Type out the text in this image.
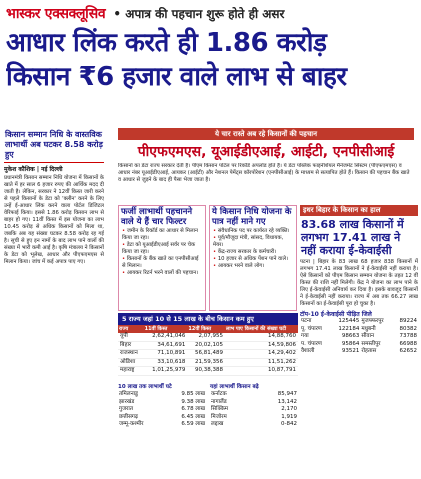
भास्कर एक्सक्लूसिव • अपात्र की पहचान शुरू होते ही असर
आधार लिंक करते ही 1.86 करोड़
किसान ₹6 हजार वाले लाभ से बाहर
किसान सम्मान निधि के वास्तविक लाभार्थी अब घटकर 8.58 करोड़ हुए
मुकेश कौशिक | नई दिल्ली
प्रधानमंत्री किसान सम्मान निधि योजना में किसानों के खाते में हर साल 6 हजार रुपए की आर्थिक मदद दी जाती है। लेकिन, सरकार ने 12वीं किस्त जारी करने से पहले किसानों के डेटा को 'क्लीन' करने के लिए उन्हें ई-आधार लिंक करने वाला पोर्टल डिजिटल वेरिफाई किया। इससे 1.86 करोड़ किसान लाभ से बाहर हो गए। 11वीं किस्त में इस योजना का लाभ 10.45 करोड़ से अधिक किसानों को मिला था, जबकि अब यह संख्या घटकर 8.58 करोड़ रह गई है। सूची से हुए इन नामों के बाद लाभ पाने वालों की संख्या में भारी कमी आई है। कृषि मंत्रालय ने किसानों के डेटा को भूलेख, आधार और पीएफएमएस से मिलान किया। जांच में कई अपात्र पाए गए।
ये चार रास्ते अब रहे किसानों की पहचान
पीएफएमएस, यूआईडीएआई, आईटी, एनपीसीआई
किसानों का डेटा राज्य सरकार देती है। पीएम किसान पोर्टल पर रिकॉर्ड अपलोड होते हैं। ये डेटा पब्लिक फाइनेंशियल मैनेजमेंट सिस्टम (पीएफएमएस) व आधार नंबर यूआईडीएआई, आयकर (आईटी) और नेशनल पेमेंट्स कॉरपोरेशन (एनपीसीआई) के माध्यम से सत्यापित होते हैं। किसान की पहचान बैंक खाते व आधार से जुड़ने के बाद ही पैसा भेजा जाता है।
फर्जी लाभार्थी पहचानने वाले ये हैं चार फिल्टर
• जमीन के रिकॉर्ड का आधार से मिलान किया जा रहा।
• डेटा को यूआईडीएआई सर्वर पर चेक किया जा रहा।
• किसानों के बैंक खाते का एनपीसीआई से मिलान।
• आयकर रिटर्न भरने वालों की पहचान।
ये किसान निधि योजना के पात्र नहीं माने गए
• संवैधानिक पद पर कार्यरत रहे व्यक्ति।
• पूर्व/मौजूदा मंत्री, सांसद, विधायक, मेयर।
• केंद्र-राज्य सरकार के कर्मचारी।
• 10 हजार से अधिक पेंशन पाने वाले।
• आयकर भरने वाले लोग।
इधर बिहार के किसान का हाल
83.68 लाख किसानों में लगभग 17.41 लाख ने नहीं कराया ई-केवाईसी
पटना | बिहार के 83 लाख 68 हजार 838 किसानों में लगभग 17.41 लाख किसानों ने ई-केवाईसी नहीं कराया है। ऐसे किसानों को पीएम किसान सम्मान योजना के तहत 12 वीं किस्त की राशि नहीं मिलेगी। केंद्र ने योजना का लाभ पाने के लिए ई-केवाईसी अनिवार्य कर दिया है। इसके बावजूद किसानों ने ई-केवाईसी नहीं कराया। राज्य में अब तक 66.27 लाख किसानों का ई-केवाईसी पूरा हो चुका है।
टॉप-10 ई-केवाईसी पीड़ित जिले
पटना	125445	मुजफ्फरपुर	89224
पू. चंपारण	122184	मधुबनी	80382
गया	98663	सीवान	73788
प. चंपारण	95864	समस्तीपुर	66988
वैशाली	93521	रोहतास	62652
5 राज्य जहां 10 से 15 लाख के बीच किसान कम हुए
राज्य	11वीं किस्त	12वीं किस्त	लाभ पाए किसानों की संख्या घटी
यूपी	2,62,41,046	2,07,955	14,88,760
बिहार	34,61,691	20,02,105	14,59,806
राजस्थान	71,10,891	56,81,489	14,29,402
ओडिशा	33,10,618	21,59,356	11,51,262
महाराष्ट्र	1,01,25,979	90,38,388	10,87,791
10 लाख तक लाभार्थी घटे
तमिलनाडु	9.85 लाख
झारखंड	9.38 लाख
गुजरात	6.78 लाख
छत्तीसगढ़	6.45 लाख
जम्मू-कश्मीर	6.59 लाख
यहां लाभार्थी किसान बढ़े
कर्नाटक	85,947
नागालैंड	13,142
सिक्किम	2,170
मिजोरम	1,919
लद्दाख	0-842
